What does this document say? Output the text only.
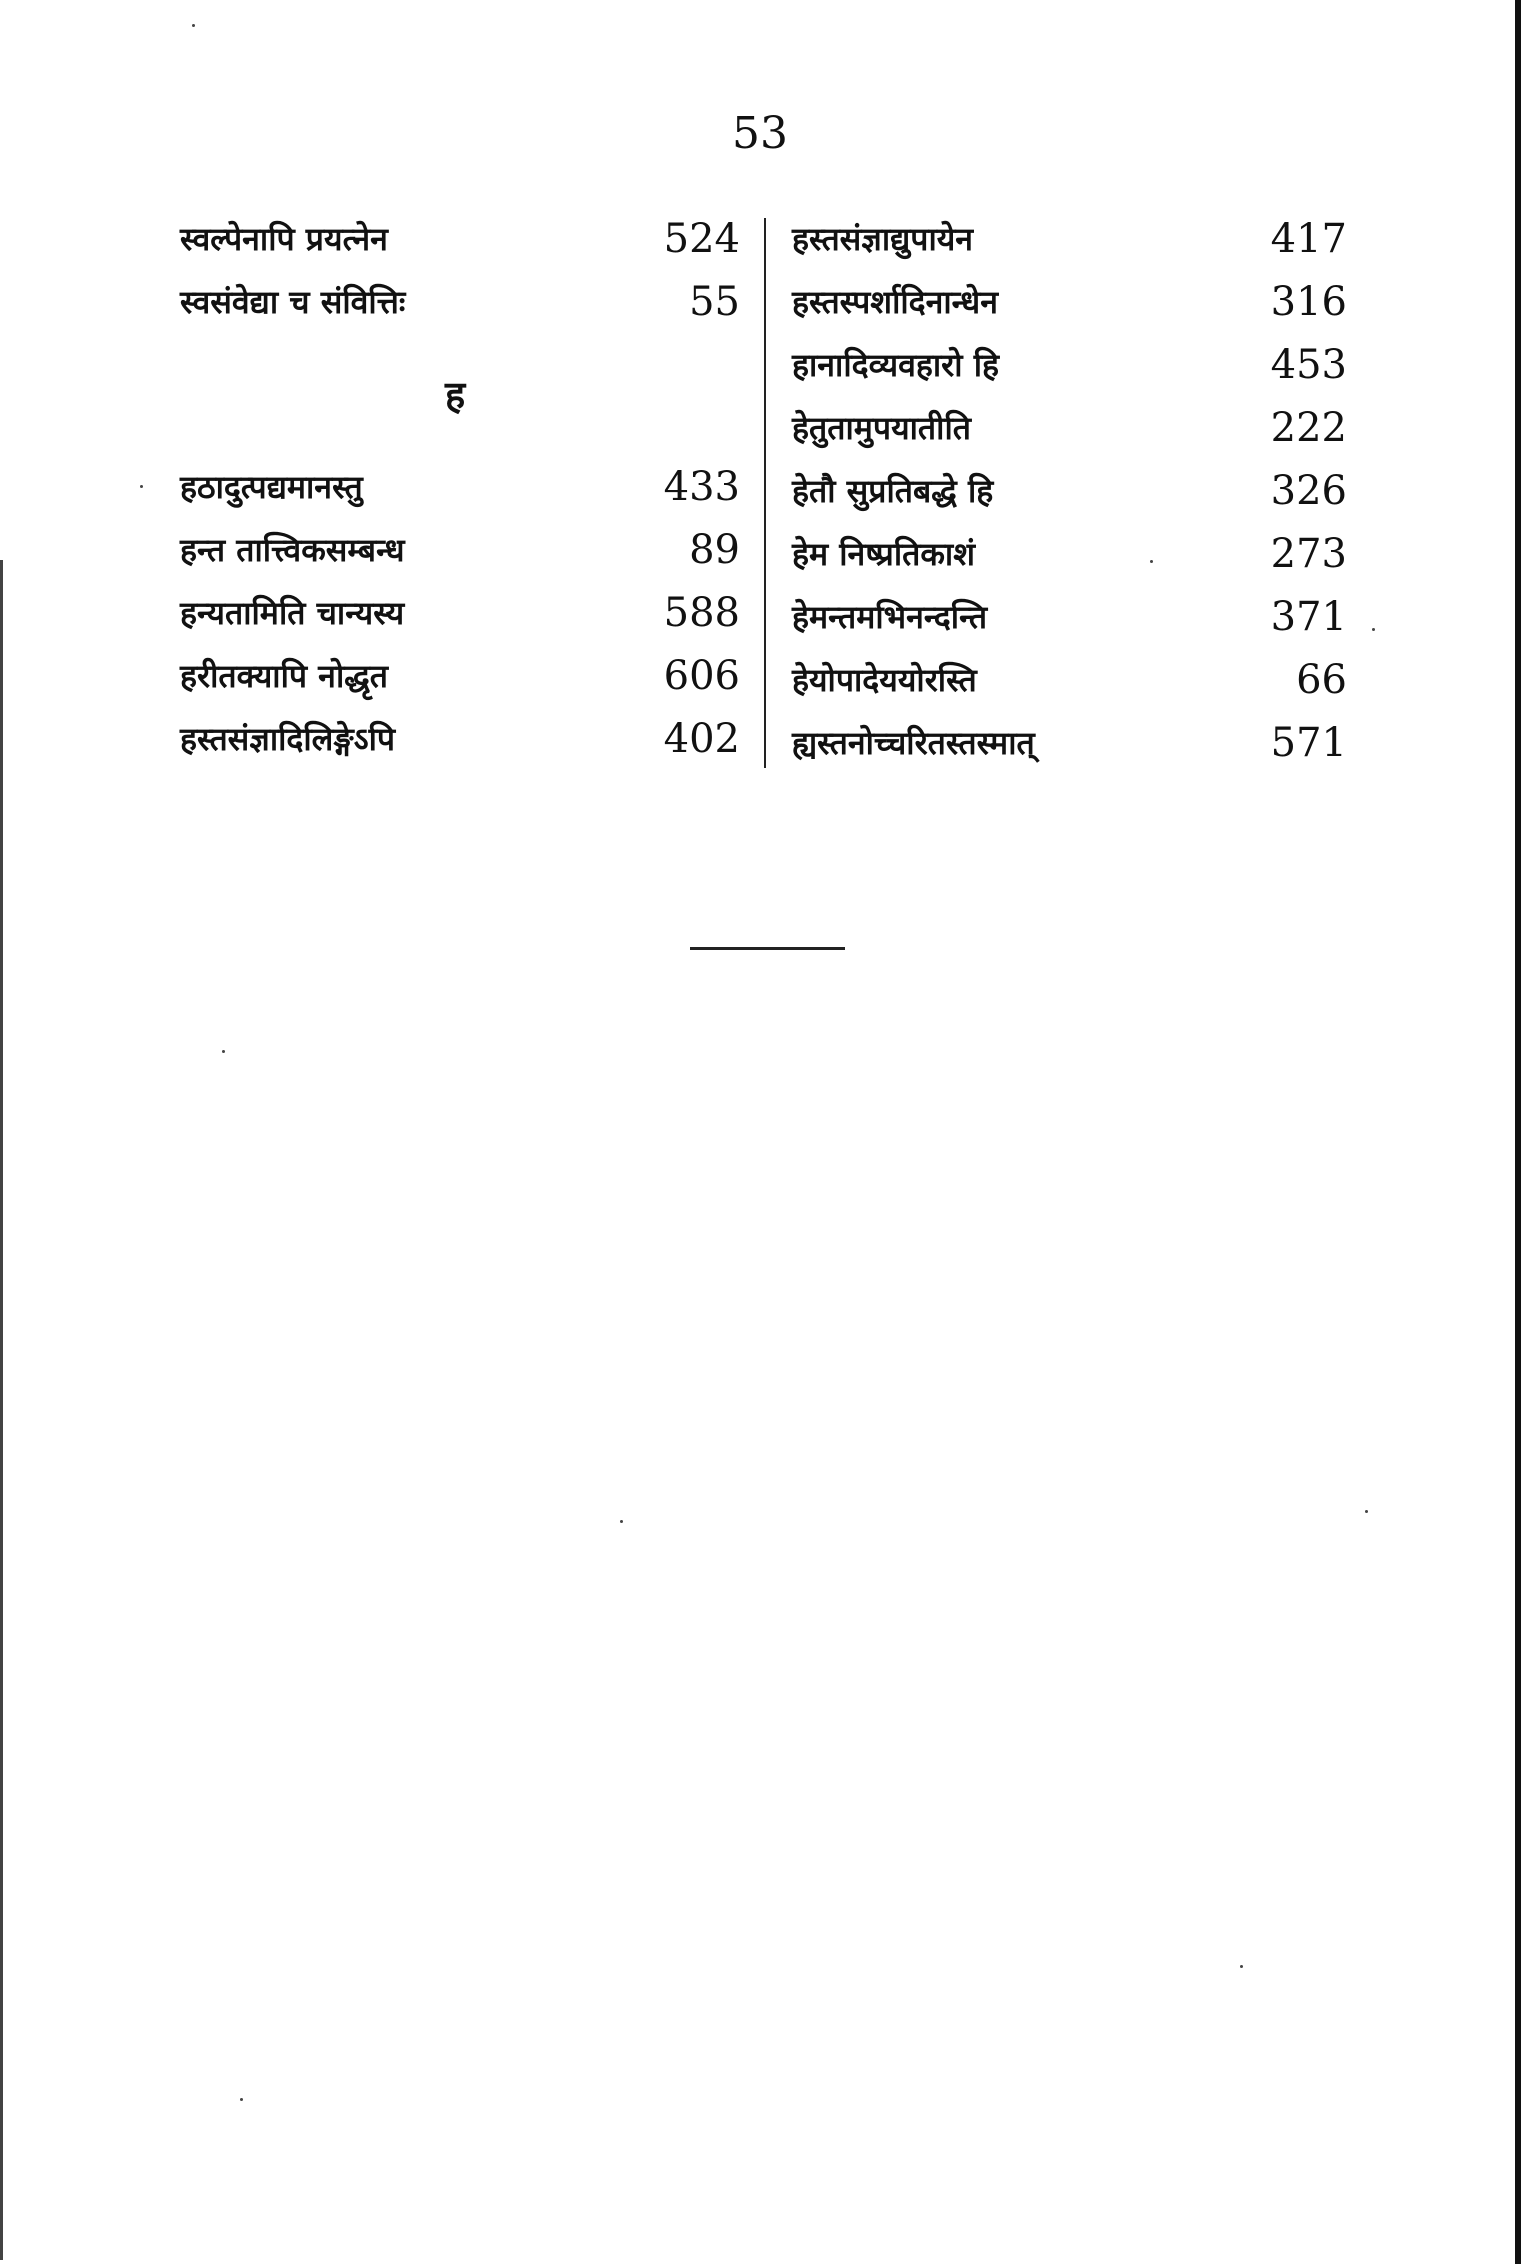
53
स्वल्पेनापि प्रयत्नेन	524
स्वसंवेद्या च संवित्तिः	55
ह
हठादुत्पद्यमानस्तु	433
हन्त तात्त्विकसम्बन्ध	89
हन्यतामिति चान्यस्य	588
हरीतक्यापि नोद्धृत	606
हस्तसंज्ञादिलिङ्गेऽपि	402
हस्तसंज्ञाद्युपायेन	417
हस्तस्पर्शादिनान्धेन	316
हानादिव्यवहारो हि	453
हेतुतामुपयातीति	222
हेतौ सुप्रतिबद्धे हि	326
हेम निष्प्रतिकाशं	273
हेमन्तमभिनन्दन्ति	371
हेयोपादेययोरस्ति	66
ह्यस्तनोच्चरितस्तस्मात्	571
